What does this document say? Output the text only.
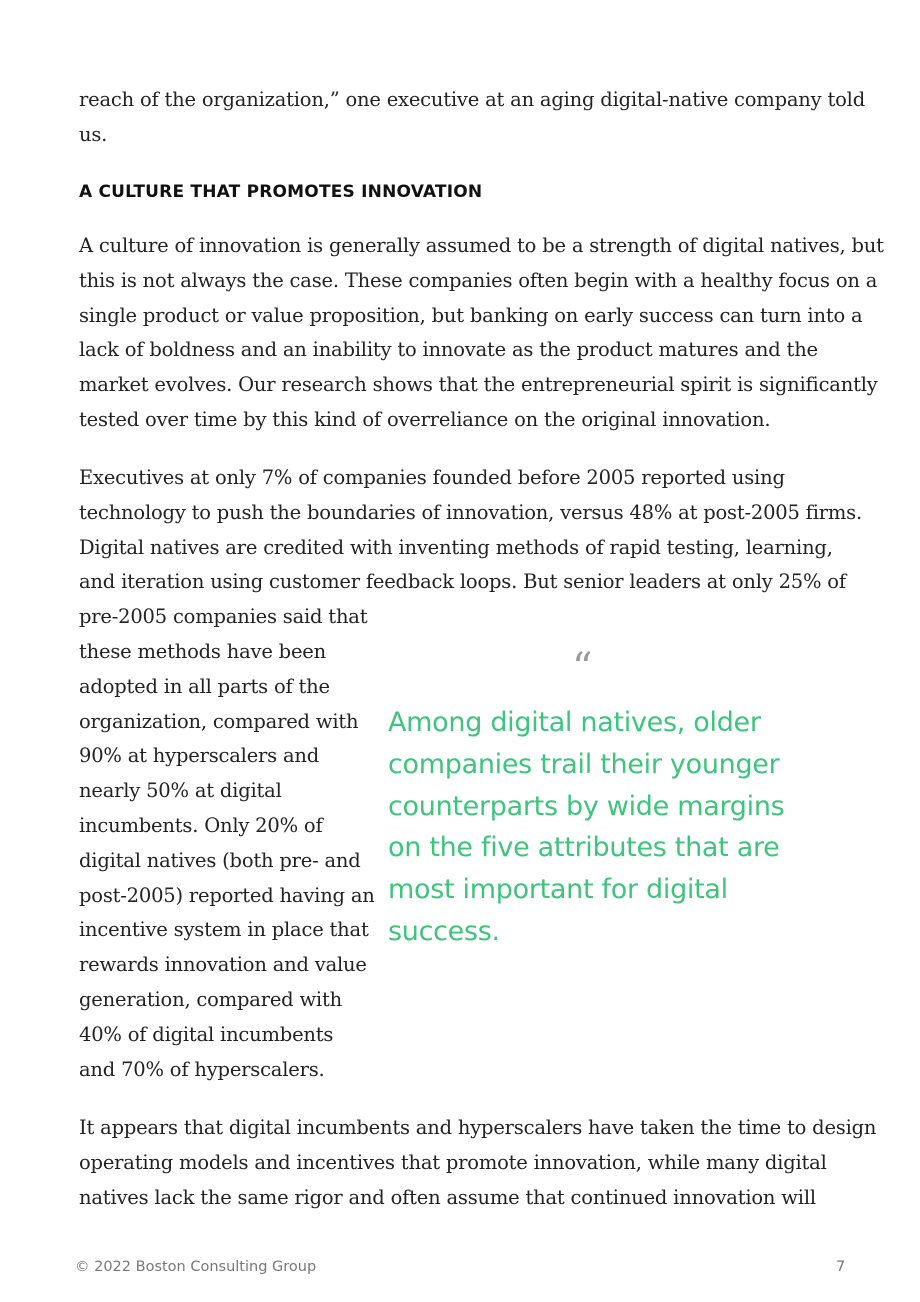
reach of the organization,” one executive at an aging digital-native company told
us.

A CULTURE THAT PROMOTES INNOVATION

A culture of innovation is generally assumed to be a strength of digital natives, but
this is not always the case. These companies often begin with a healthy focus on a
single product or value proposition, but banking on early success can turn into a
lack of boldness and an inability to innovate as the product matures and the
market evolves. Our research shows that the entrepreneurial spirit is significantly
tested over time by this kind of overreliance on the original innovation.

Executives at only 7% of companies founded before 2005 reported using
technology to push the boundaries of innovation, versus 48% at post-2005 firms.
Digital natives are credited with inventing methods of rapid testing, learning,
and iteration using customer feedback loops. But senior leaders at only 25% of
pre-2005 companies said that
these methods have been
adopted in all parts of the
organization, compared with
90% at hyperscalers and
nearly 50% at digital
incumbents. Only 20% of
digital natives (both pre- and
post-2005) reported having an
incentive system in place that
rewards innovation and value
generation, compared with
40% of digital incumbents
and 70% of hyperscalers.

“

Among digital natives, older
companies trail their younger
counterparts by wide margins
on the five attributes that are
most important for digital
success.

It appears that digital incumbents and hyperscalers have taken the time to design
operating models and incentives that promote innovation, while many digital
natives lack the same rigor and often assume that continued innovation will

© 2022 Boston Consulting Group	7
